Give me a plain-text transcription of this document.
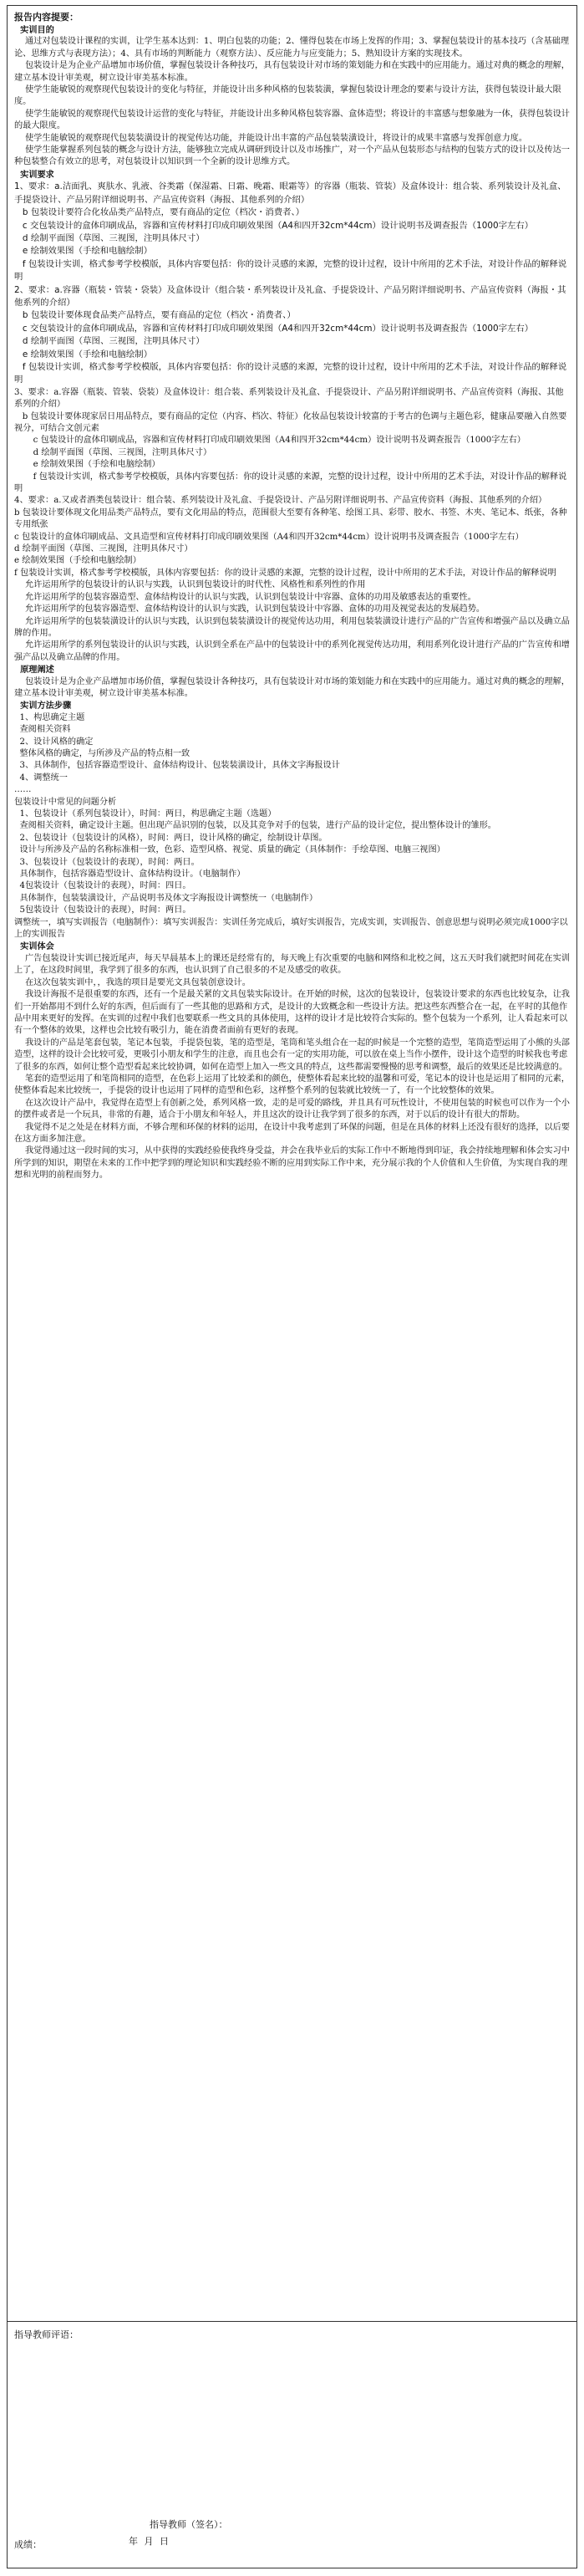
报告内容提要：

实训目的

通过对包装设计课程的实训，让学生基本达到：1、明白包装的功能；2、懂得包装在市场上发挥的作用；3、掌握包装设计的基本技巧（含基础理论、思维方式与表现方法）；4、具有市场的判断能力（观察方法）、反应能力与应变能力；5、熟知设计方案的实现技术。

包装设计是为企业产品增加市场价值，掌握包装设计各种技巧，具有包装设计对市场的策划能力和在实践中的应用能力。通过对典的概念的理解，建立基本设计审美观，树立设计审美基本标准。

使学生能敏锐的观察现代包装设计的变化与特征，并能设计出多种风格的包装装潢，掌握包装设计理念的要素与设计方法，获得包装设计最大限度。

使学生能敏锐的观察现代包装设计运营的变化与特征，并能设计出多种风格包装容器、盒体造型；将设计的丰富感与想象融为一体，获得包装设计的最大限度。

使学生能敏锐的观察现代包装装潢设计的视觉传达功能，并能设计出丰富的产品包装装潢设计，将设计的成果丰富感与发挥创意力度。

使学生能掌握系列包装的概念与设计方法，能够独立完成从调研到设计以及市场推广，对一个产品从包装形态与结构的包装方式的设计以及传达一种包装整合有效立的思考，对包装设计以知识到一个全新的设计思维方式。

实训要求

1、要求：a.洁面乳、爽肤水、乳液、谷类霜（保湿霜、日霜、晚霜、眼霜等）的容器（瓶装、管装）及盒体设计：组合装、系列装设计及礼盒、手提袋设计、产品另附详细说明书、产品宣传资料（海报、其他系列的介绍）

b 包装设计要符合化妆品类产品特点，要有商品的定位（档次・消费者、）

c 交包装设计的盒体印刷成品，容器和宣传材料打印成印刷效果图（A4和四开32cm*44cm）设计说明书及调查报告（1000字左右）

d 绘制平面图（草图、三视图，注明具体尺寸）

e 绘制效果图（手绘和电脑绘制）

f 包装设计实训，格式参考学校模版，具体内容要包括：你的设计灵感的来源，完整的设计过程，设计中所用的艺术手法，对设计作品的解释说明

2、要求：a.容器（瓶装・管装・袋装）及盒体设计（组合装・系列装设计及礼盒、手提袋设计、产品另附详细说明书、产品宣传资料（海报・其他系列的介绍）

b 包装设计要体现食品类产品特点，要有商品的定位（档次・消费者、）

c 交包装设计的盒体印刷成品，容器和宣传材料打印成印刷效果图（A4和四开32cm*44cm）设计说明书及调查报告（1000字左右）

d 绘制平面图（草图、三视图，注明具体尺寸）

e 绘制效果图（手绘和电脑绘制）

f 包装设计实训，格式参考学校模版，具体内容要包括：你的设计灵感的来源，完整的设计过程，设计中所用的艺术手法，对设计作品的解释说明

3、要求：a.容器（瓶装、管装、袋装）及盒体设计：组合装、系列装设计及礼盒、手提袋设计、产品另附详细说明书、产品宣传资料（海报、其他系列的介绍）

b 包装设计要体现家居日用品特点，要有商品的定位（内容、档次、特征）化妆品包装设计较富的于考古的色调与主题色彩，健康品要融入自然要视分，可结合文创元素

c 包装设计的盒体印刷成品，容器和宣传材料打印成印刷效果图（A4和四开32cm*44cm）设计说明书及调查报告（1000字左右）

d 绘制平面图（草图、三视图，注明具体尺寸）

e 绘制效果图（手绘和电脑绘制）

f 包装设计实训，格式参考学校模版，具体内容要包括：你的设计灵感的来源，完整的设计过程，设计中所用的艺术手法，对设计作品的解释说明

4、要求：a.又或者酒类包装设计：组合装、系列装设计及礼盒、手提袋设计、产品另附详细说明书、产品宣传资料（海报、其他系列的介绍）

b 包装设计要体现文化用品类产品特点，要有文化用品的特点，范围很大至要有各种笔、绘图工具、彩带、胶水、书签、木夹、笔记本、纸张，各种专用纸张

c 包装设计的盒体印刷成品、文具造型和宣传材料打印成印刷效果图（A4和四开32cm*44cm）设计说明书及调查报告（1000字左右）

d 绘制平面图（草图、三视图，注明具体尺寸）

e 绘制效果图（手绘和电脑绘制）

f 包装设计实训，格式参考学校模版，具体内容要包括：你的设计灵感的来源，完整的设计过程，设计中所用的艺术手法，对设计作品的解释说明

允许运用所学的包装设计的认识与实践，认识到包装设计的时代性、风格性和系列性的作用

允许运用所学的包装容器造型、盒体结构设计的认识与实践，认识到包装设计中容器、盒体的功用及敏感表达的重要性。

允许运用所学的包装容器造型、盒体结构设计的认识与实践，认识到包装设计中容器、盒体的功用及视觉表达的发展趋势。

允许运用所学的包装装潢设计的认识与实践，认识到包装装潢设计的视觉传达功用，利用包装装潢设计进行产品的广告宣传和增强产品以及确立品牌的作用。

允许运用所学的系列包装设计的认识与实践，认识到全系在产品中的包装设计中的系列化视觉传达功用，利用系列化设计进行产品的广告宣传和增强产品以及确立品牌的作用。

原理阐述

包装设计是为企业产品增加市场价值，掌握包装设计各种技巧，具有包装设计对市场的策划能力和在实践中的应用能力。通过对典的概念的理解，建立基本设计审美观，树立设计审美基本标准。

实训方法步骤

1、构思确定主题

查阅相关资料

2、设计风格的确定

整体风格的确定，与所涉及产品的特点相一致

3、具体制作，包括容器造型设计、盒体结构设计、包装装潢设计，具体文字海报设计

4、调整统一

……

包装设计中常见的问题分析

1、包装设计（系列包装设计），时间：两日，构思确定主题（选题）

查阅相关资料，确定设计主题。但出现产品识别的包装，以及其竞争对手的包装，进行产品的设计定位，提出整体设计的雏形。

2、包装设计（包装设计的风格），时间：两日，设计风格的确定，绘制设计草图。

设计与所涉及产品的名称标准相一致，色彩、造型风格、视觉、质量的确定（具体制作：手绘草图、电脑三视图）

3、包装设计（包装设计的表现），时间：两日。

具体制作，包括容器造型设计、盒体结构设计。（电脑制作）

4包装设计（包装设计的表现），时间：四日。

具体制作，包装装潢设计，产品说明书及体文字海报设计调整统一（电脑制作）

5包装设计（包装设计的表现），时间：两日。

调整统一，填写实训报告（电脑制作）：填写实训报告：实训任务完成后，填好实训报告，完成实训，实训报告、创意思想与说明必须完成1000字以上的实训报告

实训体会

广告包装设计实训已接近尾声，每天早晨基本上的课还是经常有的，每天晚上有次重要的电脑和网络和北校之间，这五天时我们就把时间花在实训上了，在这段时间里，我学到了很多的东西，也认识到了自己很多的不足及感受的收获。

在这次包装实训中，，我选的项目是要光文具包装创意设计。

我设计海报不是很重要的东西，还有一个是最关紧的文具包装实际设计。在开始的时候，这次的包装设计，包装设计要求的东西也比较复杂，让我们一开始都用不到什么好的东西，但后面有了一些其他的思路和方式，是设计的大致概念和一些设计方法。把这些东西整合在一起，在平时的其他作品中用来更好的发挥。在实训的过程中我们也要联系一些文具的具体使用，这样的设计才是比较符合实际的。整个包装为一个系列，让人看起来可以有一个整体的效果，这样也会比较有吸引力，能在消费者面前有更好的表现。

我设计的产品是笔套包装，笔记本包装，手提袋包装，笔的造型是，笔筒和笔头组合在一起的时候是一个完整的造型，笔筒造型运用了小熊的头部造型，这样的设计会比较可爱，更吸引小朋友和学生的注意，而且也会有一定的实用功能，可以放在桌上当作小摆件，设计这个造型的时候我也考虑了很多的东西，如何让整个造型看起来比较协调，如何在造型上加入一些文具的特点，这些都需要慢慢的思考和调整，最后的效果还是比较满意的。

笔套的造型运用了和笔筒相同的造型，在色彩上运用了比较柔和的颜色，使整体看起来比较的温馨和可爱，笔记本的设计也是运用了相同的元素，使整体看起来比较统一，手提袋的设计也运用了同样的造型和色彩，这样整个系列的包装就比较统一了，有一个比较整体的效果。

在这次设计产品中，我觉得在造型上有创新之处，系列风格一致，走的是可爱的路线，并且具有可玩性设计，不使用包装的时候也可以作为一个小的摆件或者是一个玩具，非常的有趣，适合于小朋友和年轻人，并且这次的设计让我学到了很多的东西，对于以后的设计有很大的帮助。

我觉得不足之处是在材料方面，不够合理和环保的材料的运用，在设计中我考虑到了环保的问题，但是在具体的材料上还没有很好的选择，以后要在这方面多加注意。

我觉得通过这一段时间的实习，从中获得的实践经验使我终身受益，并会在我毕业后的实际工作中不断地得到印证，我会持续地理解和体会实习中所学到的知识，期望在未来的工作中把学到的理论知识和实践经验不断的应用到实际工作中来，充分展示我的个人价值和人生价值，为实现自我的理想和光明的前程而努力。

指导教师评语：

指导教师（签名）：
年 月 日
成绩：
